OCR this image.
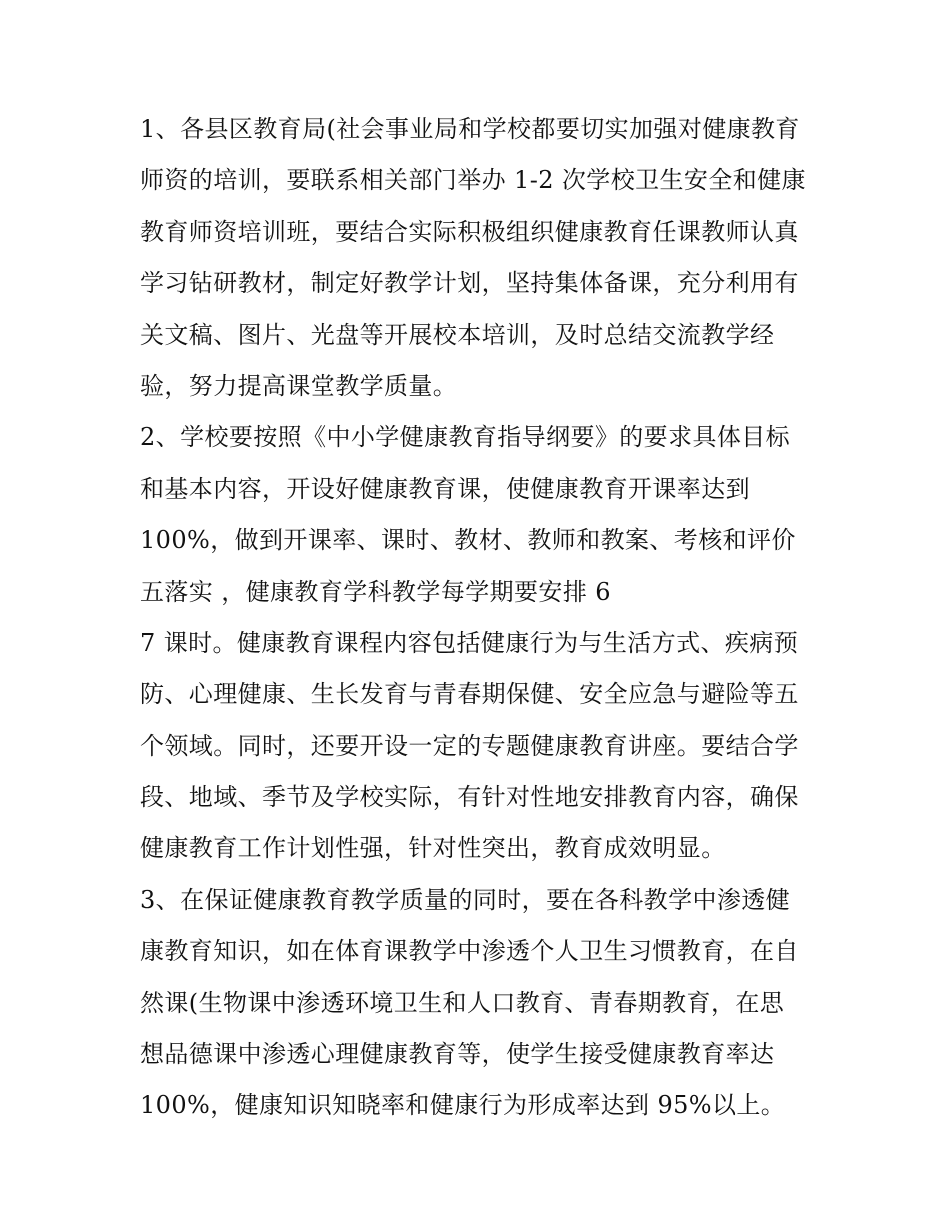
1、各县区教育局(社会事业局和学校都要切实加强对健康教育
师资的培训，要联系相关部门举办 1-2 次学校卫生安全和健康
教育师资培训班，要结合实际积极组织健康教育任课教师认真
学习钻研教材，制定好教学计划，坚持集体备课，充分利用有
关文稿、图片、光盘等开展校本培训，及时总结交流教学经
验，努力提高课堂教学质量。
2、学校要按照《中小学健康教育指导纲要》的要求具体目标
和基本内容，开设好健康教育课，使健康教育开课率达到
100%，做到开课率、课时、教材、教师和教案、考核和评价
五落实 ，健康教育学科教学每学期要安排 6
7 课时。健康教育课程内容包括健康行为与生活方式、疾病预
防、心理健康、生长发育与青春期保健、安全应急与避险等五
个领域。同时，还要开设一定的专题健康教育讲座。要结合学
段、地域、季节及学校实际，有针对性地安排教育内容，确保
健康教育工作计划性强，针对性突出，教育成效明显。
3、在保证健康教育教学质量的同时，要在各科教学中渗透健
康教育知识，如在体育课教学中渗透个人卫生习惯教育，在自
然课(生物课中渗透环境卫生和人口教育、青春期教育，在思
想品德课中渗透心理健康教育等，使学生接受健康教育率达
100%，健康知识知晓率和健康行为形成率达到 95%以上。
